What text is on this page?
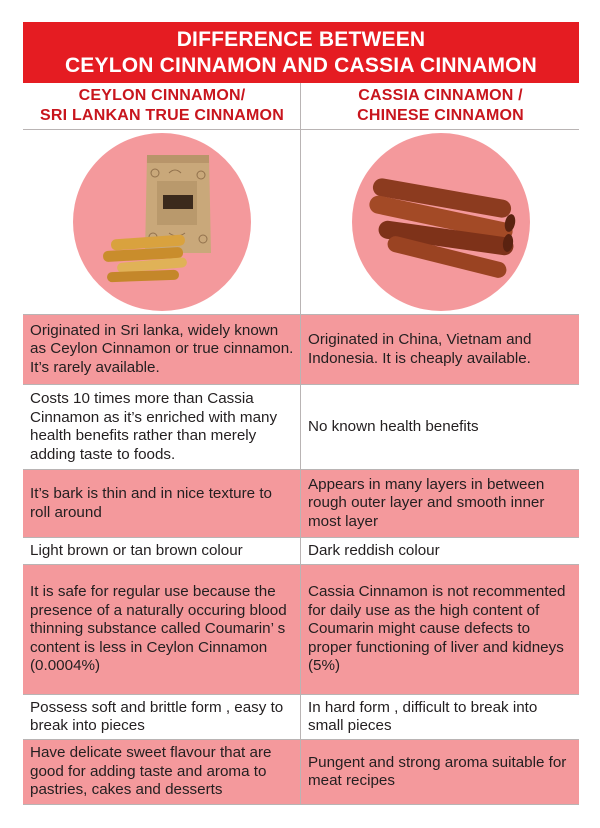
DIFFERENCE BETWEEN
CEYLON CINNAMON AND CASSIA CINNAMON
CEYLON CINNAMON/
SRI LANKAN TRUE CINNAMON
CASSIA CINNAMON /
CHINESE CINNAMON
Originated in Sri lanka, widely known as Ceylon Cinnamon or true cinnamon. It’s rarely available.
Originated in China, Vietnam and Indonesia. It is cheaply available.
Costs 10 times more than Cassia Cinnamon as it’s enriched with many health benefits rather than merely adding taste to foods.
No known health benefits
It’s bark is thin and in nice texture to roll around
Appears in many layers in between rough outer layer and smooth inner most layer
Light brown or tan brown colour	Dark reddish colour
It is safe for regular use because the presence of a naturally occuring blood thinning substance called Coumarin’ s content is less in Ceylon Cinnamon (0.0004%)
Cassia Cinnamon is not recommented for daily use as the high content of Coumarin might cause defects to proper functioning of liver and kidneys (5%)
Possess soft and brittle form , easy to break into pieces
In hard form , difficult to break into small pieces
Have delicate sweet flavour that are good for adding taste and aroma to pastries, cakes and desserts
Pungent and strong aroma suitable for meat recipes
